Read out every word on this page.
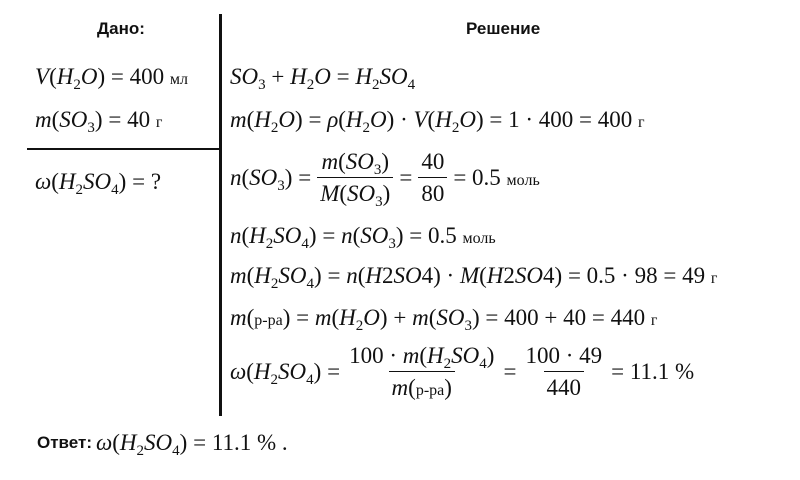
Дано:	Решение
$V(H_2O) = 400$ мл
$m(SO_3) = 40$ г
$\omega(H_2SO_4)$ = ?
$SO_3 + H_2O = H_2SO_4$
$m(H_2O) = \rho(H_2O) \cdot V(H_2O) = 1 \cdot 400 = 400$ г
$n(SO_3) = \frac{m(SO_3)}{M(SO_3)} = \frac{40}{80} = 0.5$ моль
$n(H_2SO_4) = n(SO_3) = 0.5$ моль
$m(H_2SO_4) = n(H2SO4) \cdot M(H2SO4) = 0.5 \cdot 98 = 49$ г
$m(р-ра) = m(H_2O) + m(SO_3) = 400 + 40 = 440$ г
$\omega(H_2SO_4) = \frac{100 \cdot m(H_2SO_4)}{m(р-ра)} = \frac{100 \cdot 49}{440} = 11.1$ %
Ответ: $\omega(H_2SO_4) = 11.1$ % .
